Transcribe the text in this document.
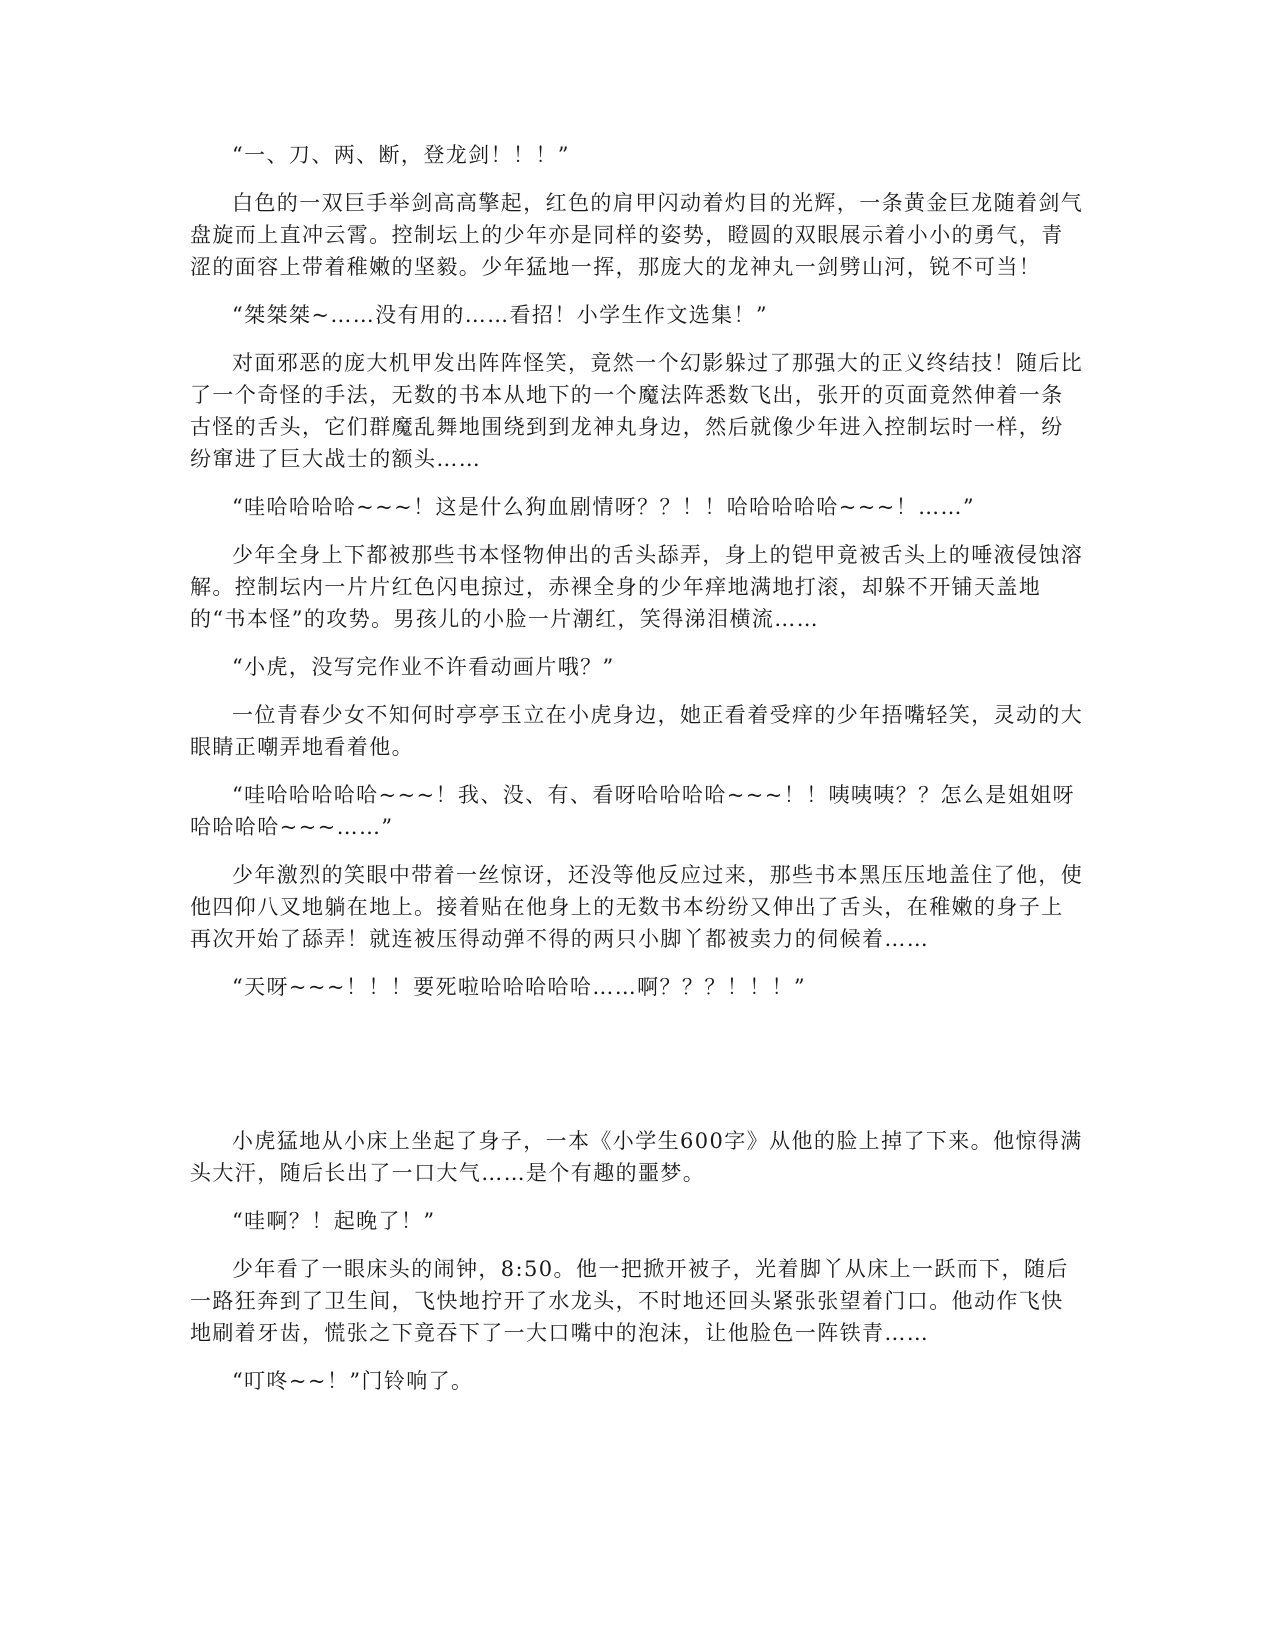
“一、刀、两、断，登龙剑！！！”

白色的一双巨手举剑高高擎起，红色的肩甲闪动着灼目的光辉，一条黄金巨龙随着剑气盘旋而上直冲云霄。控制坛上的少年亦是同样的姿势，瞪圆的双眼展示着小小的勇气，青涩的面容上带着稚嫩的坚毅。少年猛地一挥，那庞大的龙神丸一剑劈山河，锐不可当！

“桀桀桀~……没有用的……看招！小学生作文选集！”

对面邪恶的庞大机甲发出阵阵怪笑，竟然一个幻影躲过了那强大的正义终结技！随后比了一个奇怪的手法，无数的书本从地下的一个魔法阵悉数飞出，张开的页面竟然伸着一条古怪的舌头，它们群魔乱舞地围绕到到龙神丸身边，然后就像少年进入控制坛时一样，纷纷窜进了巨大战士的额头……

“哇哈哈哈哈~~~！这是什么狗血剧情呀？？！！哈哈哈哈哈~~~！……”

少年全身上下都被那些书本怪物伸出的舌头舔弄，身上的铠甲竟被舌头上的唾液侵蚀溶解。控制坛内一片片红色闪电掠过，赤裸全身的少年痒地满地打滚，却躲不开铺天盖地的“书本怪”的攻势。男孩儿的小脸一片潮红，笑得涕泪横流……

“小虎，没写完作业不许看动画片哦？”

一位青春少女不知何时亭亭玉立在小虎身边，她正看着受痒的少年捂嘴轻笑，灵动的大眼睛正嘲弄地看着他。

“哇哈哈哈哈哈~~~！我、没、有、看呀哈哈哈哈~~~！！咦咦咦？？怎么是姐姐呀哈哈哈哈~~~……”

少年激烈的笑眼中带着一丝惊讶，还没等他反应过来，那些书本黑压压地盖住了他，使他四仰八叉地躺在地上。接着贴在他身上的无数书本纷纷又伸出了舌头，在稚嫩的身子上再次开始了舔弄！就连被压得动弹不得的两只小脚丫都被卖力的伺候着……

“天呀~~~！！！要死啦哈哈哈哈哈……啊？？？！！！”

小虎猛地从小床上坐起了身子，一本《小学生600字》从他的脸上掉了下来。他惊得满头大汗，随后长出了一口大气……是个有趣的噩梦。

“哇啊？！起晚了！”

少年看了一眼床头的闹钟，8:50。他一把掀开被子，光着脚丫从床上一跃而下，随后一路狂奔到了卫生间，飞快地拧开了水龙头，不时地还回头紧张张望着门口。他动作飞快地刷着牙齿，慌张之下竟吞下了一大口嘴中的泡沫，让他脸色一阵铁青……

“叮咚~~！”门铃响了。
